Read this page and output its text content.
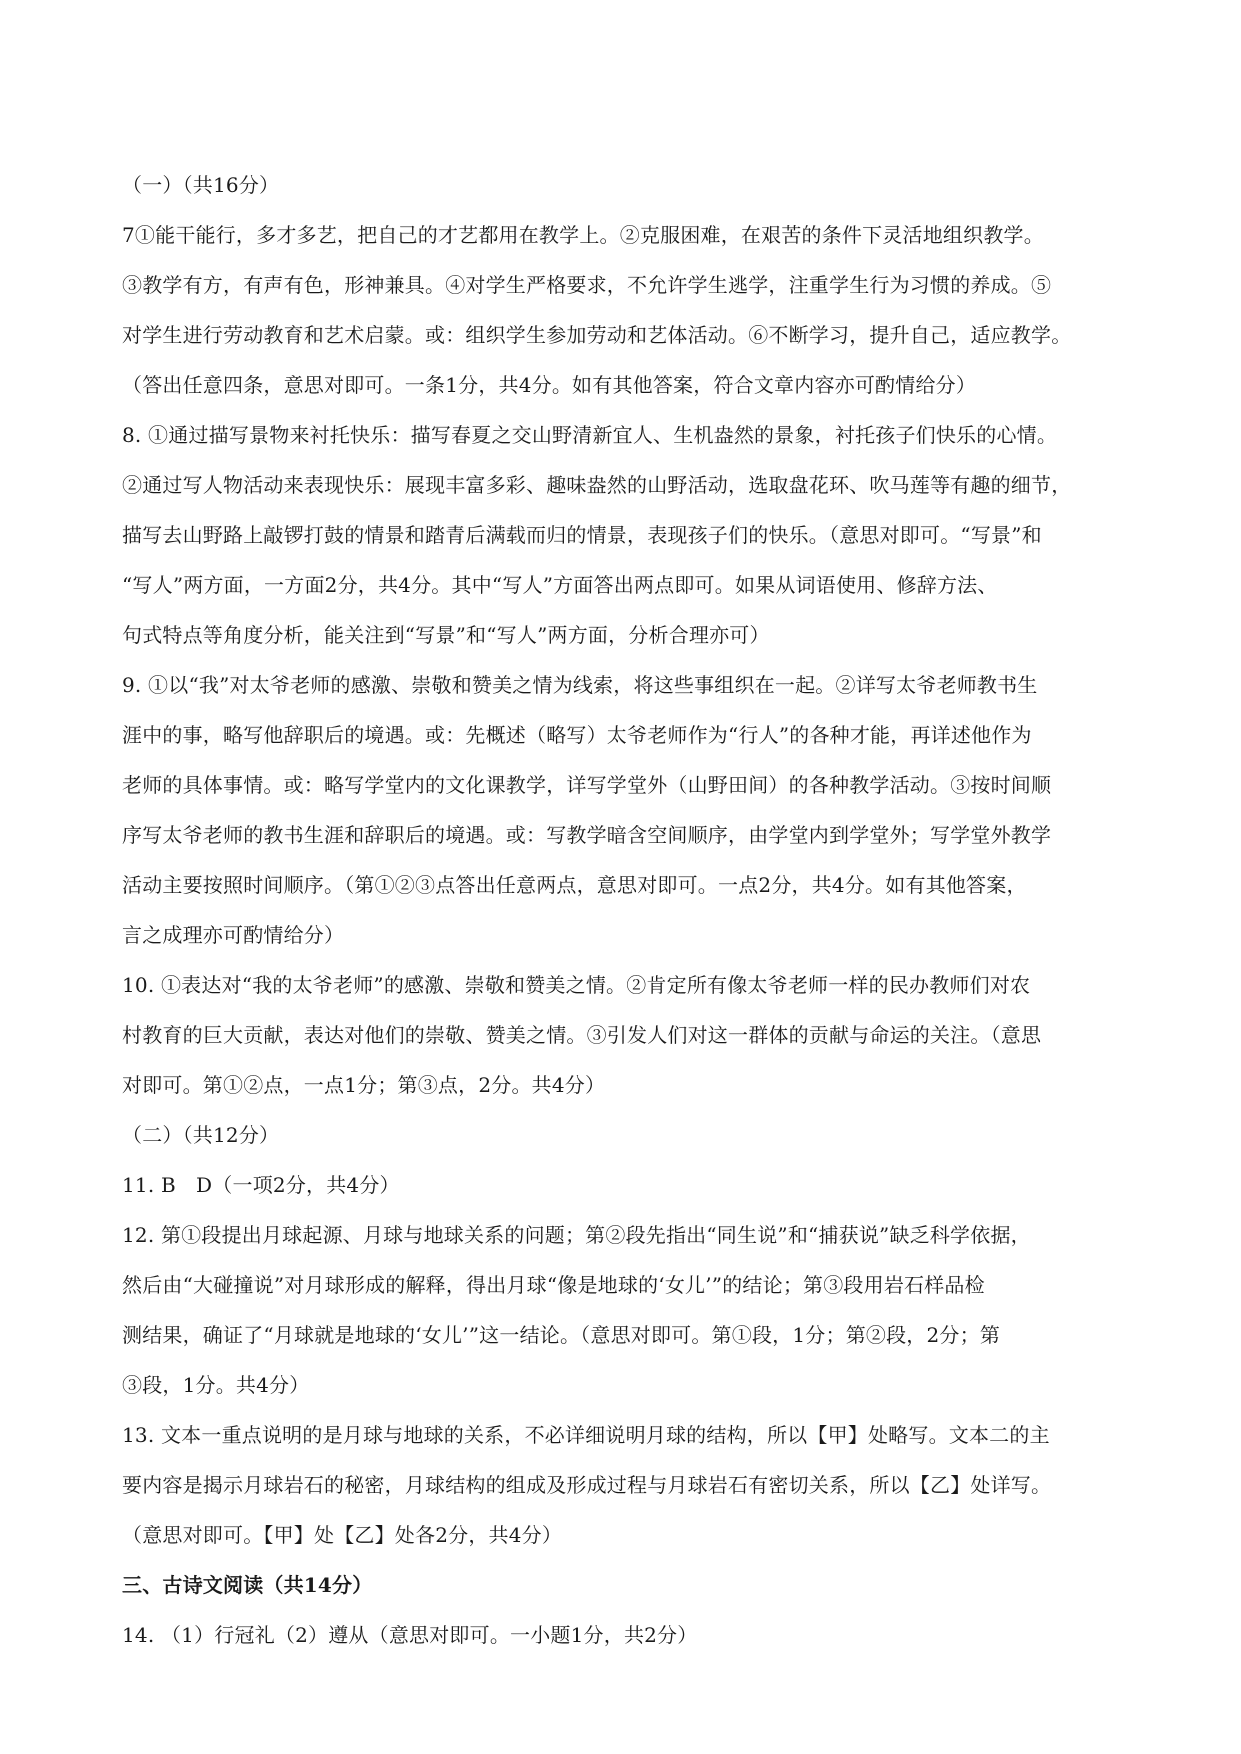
（一）（共16分）
7①能干能行，多才多艺，把自己的才艺都用在教学上。②克服困难，在艰苦的条件下灵活地组织教学。
③教学有方，有声有色，形神兼具。④对学生严格要求，不允许学生逃学，注重学生行为习惯的养成。⑤
对学生进行劳动教育和艺术启蒙。或：组织学生参加劳动和艺体活动。⑥不断学习，提升自己，适应教学。
（答出任意四条，意思对即可。一条1分，共4分。如有其他答案，符合文章内容亦可酌情给分）
8. ①通过描写景物来衬托快乐：描写春夏之交山野清新宜人、生机盎然的景象，衬托孩子们快乐的心情。
②通过写人物活动来表现快乐：展现丰富多彩、趣味盎然的山野活动，选取盘花环、吹马莲等有趣的细节，
描写去山野路上敲锣打鼓的情景和踏青后满载而归的情景，表现孩子们的快乐。（意思对即可。“写景”和
“写人”两方面，一方面2分，共4分。其中“写人”方面答出两点即可。如果从词语使用、修辞方法、
句式特点等角度分析，能关注到“写景”和“写人”两方面，分析合理亦可）
9. ①以“我”对太爷老师的感激、崇敬和赞美之情为线索，将这些事组织在一起。②详写太爷老师教书生
涯中的事，略写他辞职后的境遇。或：先概述（略写）太爷老师作为“行人”的各种才能，再详述他作为
老师的具体事情。或：略写学堂内的文化课教学，详写学堂外（山野田间）的各种教学活动。③按时间顺
序写太爷老师的教书生涯和辞职后的境遇。或：写教学暗含空间顺序，由学堂内到学堂外；写学堂外教学
活动主要按照时间顺序。（第①②③点答出任意两点，意思对即可。一点2分，共4分。如有其他答案，
言之成理亦可酌情给分）
10. ①表达对“我的太爷老师”的感激、崇敬和赞美之情。②肯定所有像太爷老师一样的民办教师们对农
村教育的巨大贡献，表达对他们的崇敬、赞美之情。③引发人们对这一群体的贡献与命运的关注。（意思
对即可。第①②点，一点1分；第③点，2分。共4分）
（二）（共12分）
11. B　D（一项2分，共4分）
12. 第①段提出月球起源、月球与地球关系的问题；第②段先指出“同生说”和“捕获说”缺乏科学依据，
然后由“大碰撞说”对月球形成的解释，得出月球“像是地球的‘女儿’”的结论；第③段用岩石样品检
测结果，确证了“月球就是地球的‘女儿’”这一结论。（意思对即可。第①段，1分；第②段，2分；第
③段，1分。共4分）
13. 文本一重点说明的是月球与地球的关系，不必详细说明月球的结构，所以【甲】处略写。文本二的主
要内容是揭示月球岩石的秘密，月球结构的组成及形成过程与月球岩石有密切关系，所以【乙】处详写。
（意思对即可。【甲】处【乙】处各2分，共4分）
三、古诗文阅读（共14分）
14. （1）行冠礼（2）遵从（意思对即可。一小题1分，共2分）
